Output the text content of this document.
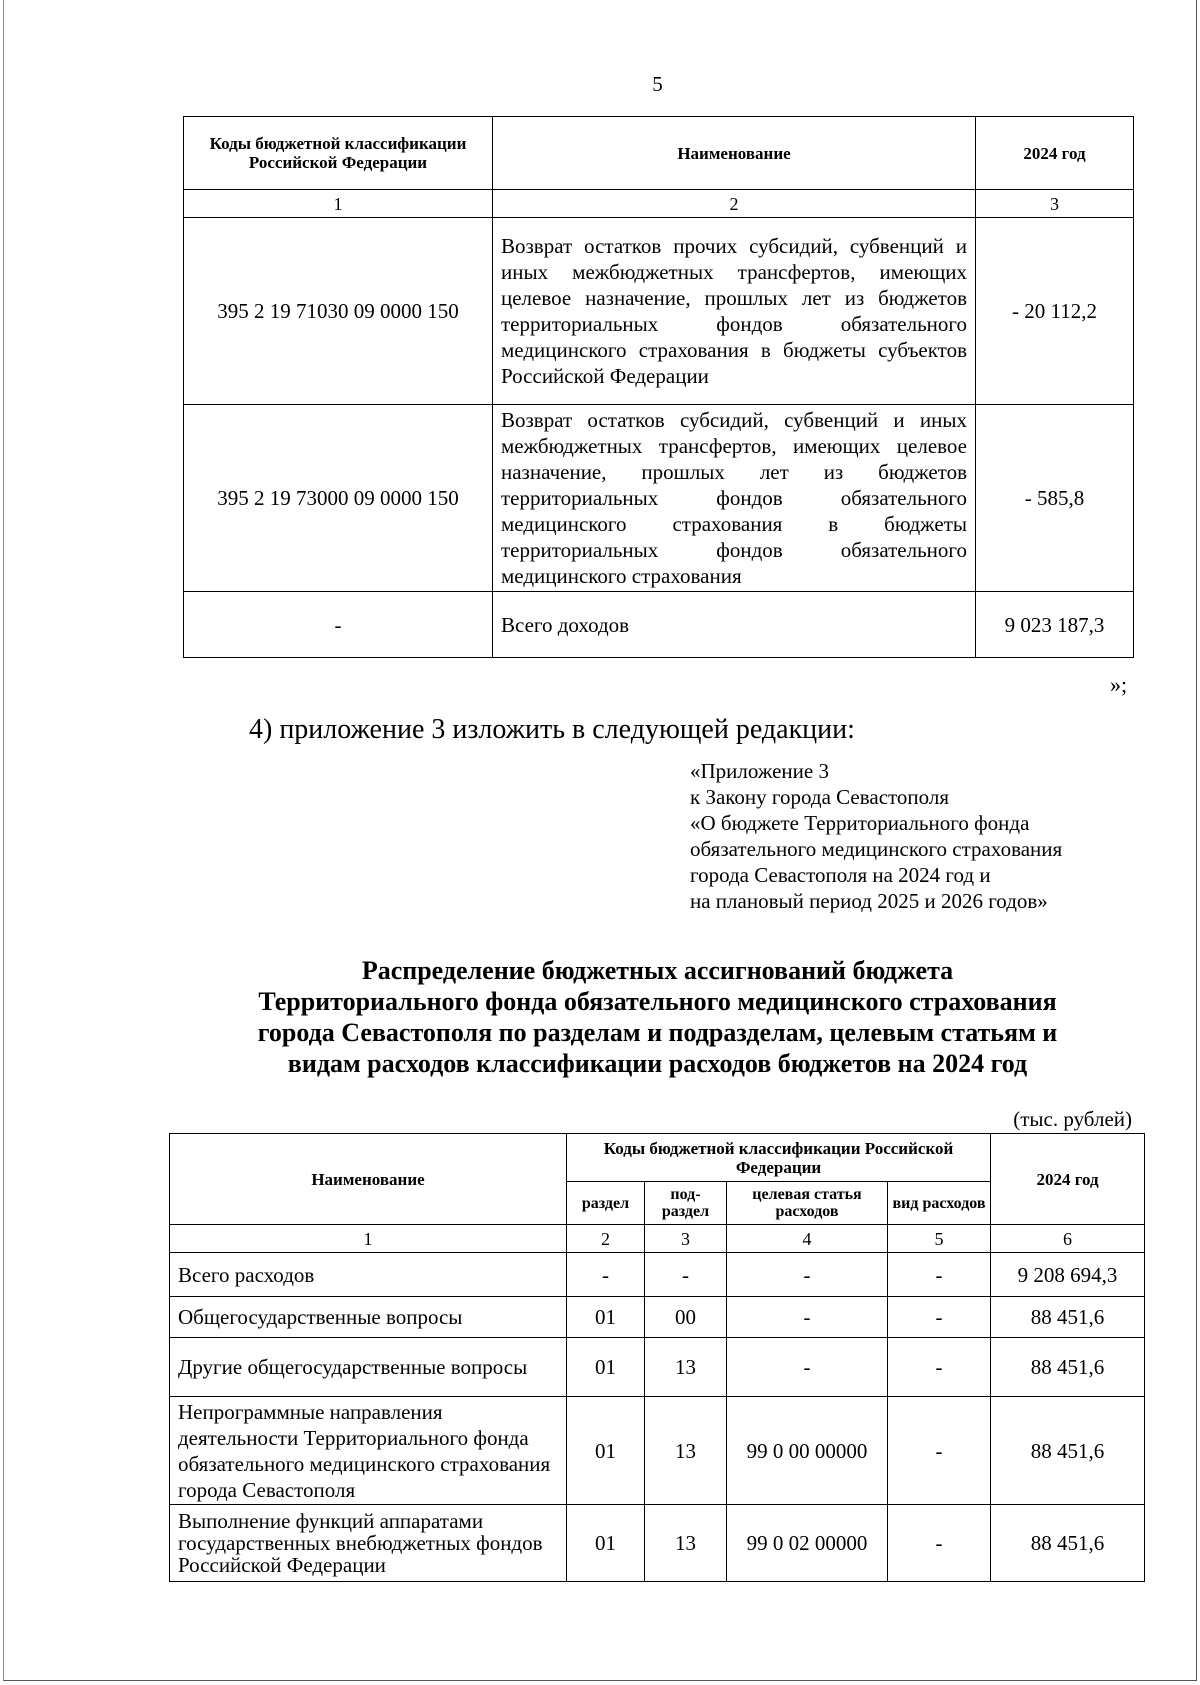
5
Коды бюджетной классификации Российской Федерации	Наименование	2024 год
1	2	3
395 2 19 71030 09 0000 150	Возврат остатков прочих субсидий, субвенций и иных межбюджетных трансфертов, имеющих целевое назначение, прошлых лет из бюджетов территориальных фондов обязательного медицинского страхования в бюджеты субъектов Российской Федерации	- 20 112,2
395 2 19 73000 09 0000 150	Возврат остатков субсидий, субвенций и иных межбюджетных трансфертов, имеющих целевое назначение, прошлых лет из бюджетов территориальных фондов обязательного медицинского страхования в бюджеты территориальных фондов обязательного медицинского страхования	- 585,8
-	Всего доходов	9 023 187,3
»;
4) приложение 3 изложить в следующей редакции:
«Приложение 3
к Закону города Севастополя
«О бюджете Территориального фонда
обязательного медицинского страхования
города Севастополя на 2024 год и
на плановый период 2025 и 2026 годов»
Распределение бюджетных ассигнований бюджета
Территориального фонда обязательного медицинского страхования
города Севастополя по разделам и подразделам, целевым статьям и
видам расходов классификации расходов бюджетов на 2024 год
(тыс. рублей)
Наименование	Коды бюджетной классификации Российской Федерации				2024 год
	раздел	под-раздел	целевая статья расходов	вид расходов	
1	2	3	4	5	6
Всего расходов	-	-	-	-	9 208 694,3
Общегосударственные вопросы	01	00	-	-	88 451,6
Другие общегосударственные вопросы	01	13	-	-	88 451,6
Непрограммные направления деятельности Территориального фонда обязательного медицинского страхования города Севастополя	01	13	99 0 00 00000	-	88 451,6
Выполнение функций аппаратами государственных внебюджетных фондов Российской Федерации	01	13	99 0 02 00000	-	88 451,6
